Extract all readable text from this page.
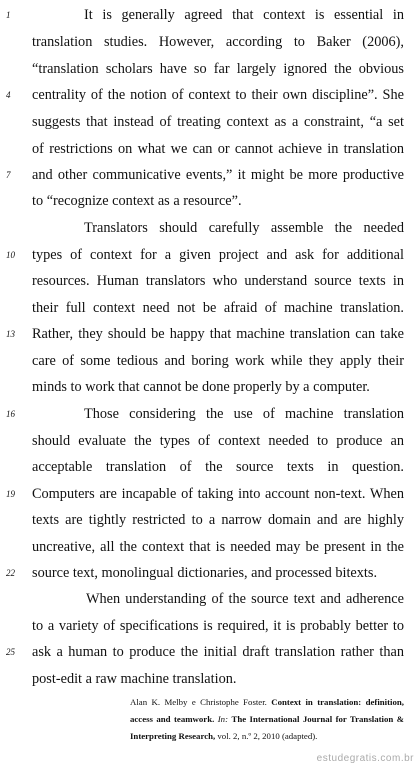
It is generally agreed that context is essential in
translation studies. However, according to Baker (2006),
“translation scholars have so far largely ignored the obvious
centrality of the notion of context to their own discipline”. She
suggests that instead of treating context as a constraint, “a set
of restrictions on what we can or cannot achieve in translation
and other communicative events,” it might be more productive
to “recognize context as a resource”.
Translators should carefully assemble the needed
types of context for a given project and ask for additional
resources. Human translators who understand source texts in
their full context need not be afraid of machine translation.
Rather, they should be happy that machine translation can take
care of some tedious and boring work while they apply their
minds to work that cannot be done properly by a computer.
Those considering the use of machine translation
should evaluate the types of context needed to produce an
acceptable translation of the source texts in question.
Computers are incapable of taking into account non-text. When
texts are tightly restricted to a narrow domain and are highly
uncreative, all the context that is needed may be present in the
source text, monolingual dictionaries, and processed bitexts.
When understanding of the source text and adherence
to a variety of specifications is required, it is probably better to
ask a human to produce the initial draft translation rather than
post-edit a raw machine translation.
1
4
7
10
13
16
19
22
25
Alan K. Melby e Christophe Foster. Context in translation: definition, access and teamwork. In: The International Journal for Translation & Interpreting Research, vol. 2, n.º 2, 2010 (adapted).
estudegratis.com.br
